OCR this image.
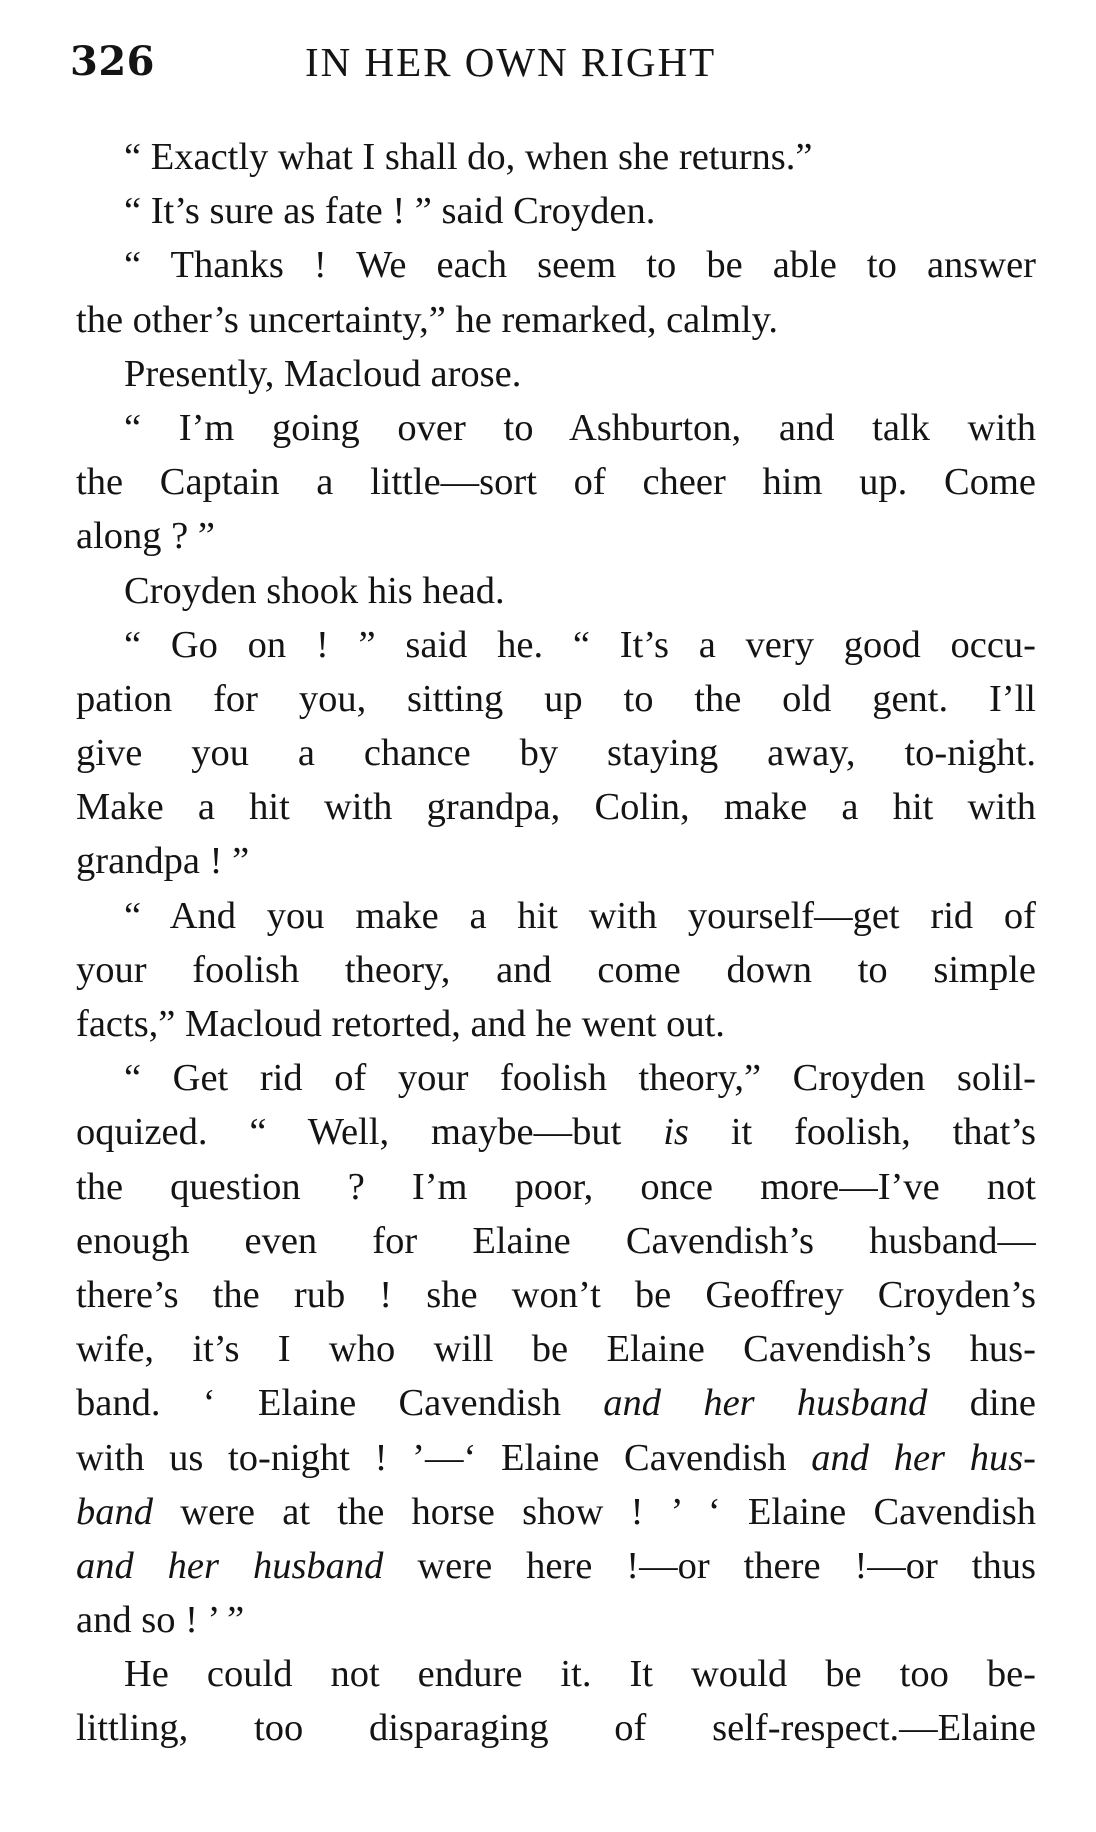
326	IN HER OWN RIGHT
“ Exactly what I shall do, when she returns.”
“ It’s sure as fate ! ” said Croyden.
“ Thanks ! We each seem to be able to answer
the other’s uncertainty,” he remarked, calmly.
Presently, Macloud arose.
“ I’m going over to Ashburton, and talk with
the Captain a little—sort of cheer him up. Come
along ? ”
Croyden shook his head.
“ Go on ! ” said he. “ It’s a very good occu-
pation for you, sitting up to the old gent. I’ll
give you a chance by staying away, to-night.
Make a hit with grandpa, Colin, make a hit with
grandpa ! ”
“ And you make a hit with yourself—get rid of
your foolish theory, and come down to simple
facts,” Macloud retorted, and he went out.
“ Get rid of your foolish theory,” Croyden solil-
oquized. “ Well, maybe—but is it foolish, that’s
the question ? I’m poor, once more—I’ve not
enough even for Elaine Cavendish’s husband—
there’s the rub ! she won’t be Geoffrey Croyden’s
wife, it’s I who will be Elaine Cavendish’s hus-
band. ‘ Elaine Cavendish and her husband dine
with us to-night ! ’—‘ Elaine Cavendish and her hus-
band were at the horse show ! ’ ‘ Elaine Cavendish
and her husband were here !—or there !—or thus
and so ! ’ ”
He could not endure it. It would be too be-
littling, too disparaging of self-respect.—Elaine
